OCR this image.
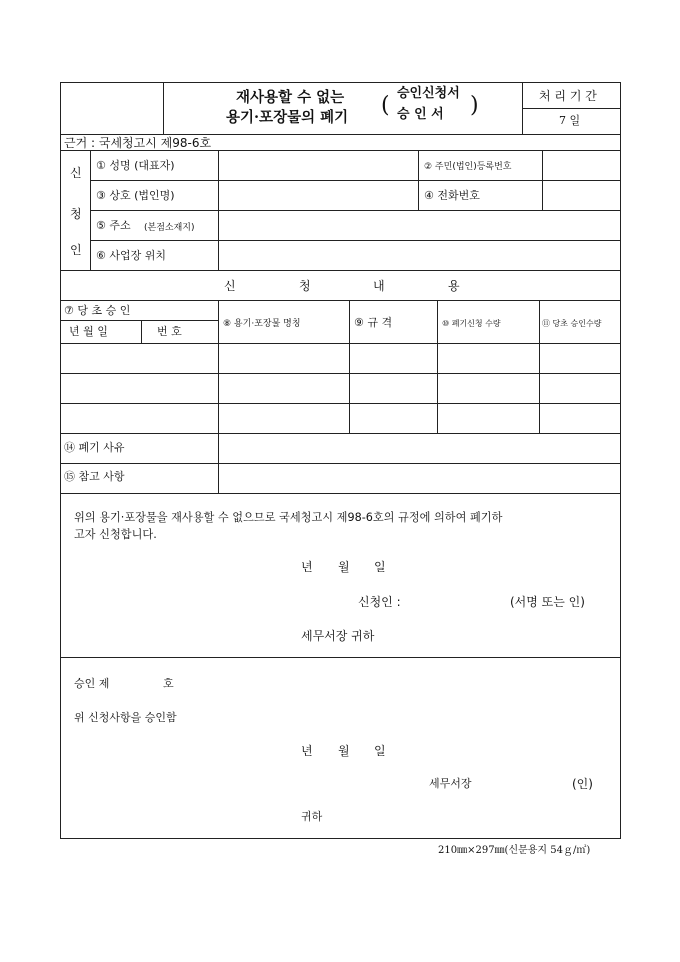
재사용할 수 없는
용기·포장물의 폐기 ( 승인신청서
승 인 서 )	처 리 기 간
7 일
근거 : 국세청고시 제98-6호
신
청
인
① 성명 (대표자)	② 주민(법인)등록번호
③ 상호 (법인명)	④ 전화번호
⑤ 주소 (본점소재지)
⑥ 사업장 위치
신	청	내	용
⑦ 당 초 승 인
년 월 일	번 호
⑧ 용기·포장물 명칭	⑨ 규 격	⑩ 폐기신청 수량	⑪ 당초 승인수량
⑭ 폐기 사유
⑮ 참고 사항
위의 용기·포장물을 재사용할 수 없으므로 국세청고시 제98-6호의 규정에 의하여 폐기하
고자 신청합니다.
년 월 일
신청인 :	(서명 또는 인)
세무서장 귀하
승인 제	호
위 신청사항을 승인함
년 월 일
세무서장	(인)
귀하
210㎜×297㎜(신문용지 54ｇ/㎡)
